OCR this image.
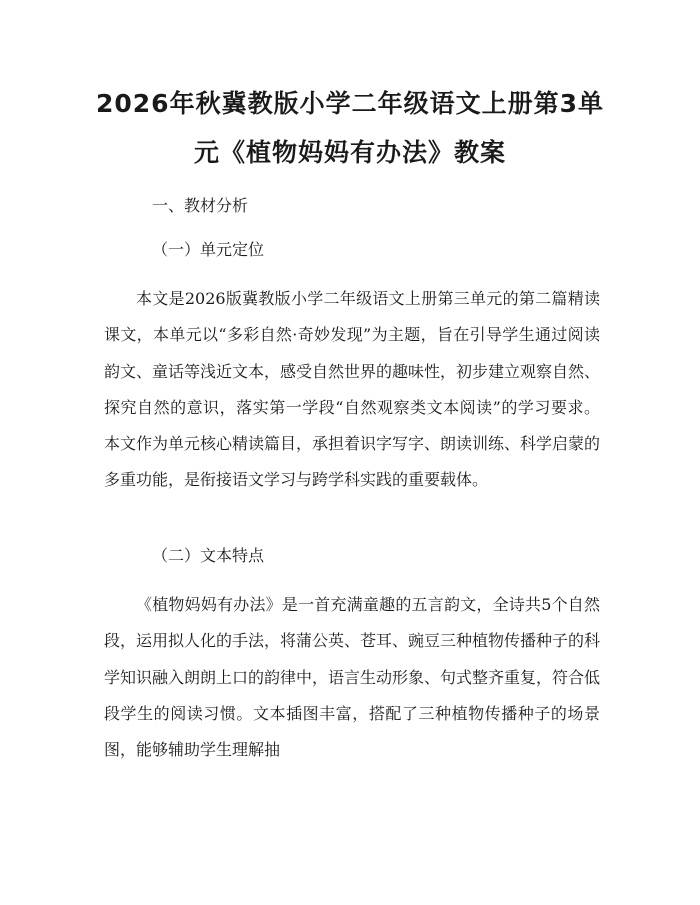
2026年秋冀教版小学二年级语文上册第3单
元《植物妈妈有办法》教案
一、教材分析
（一）单元定位

本文是2026版冀教版小学二年级语文上册第三单元的第二篇精读课文，本单元以“多彩自然·奇妙发现”为主题，旨在引导学生通过阅读韵文、童话等浅近文本，感受自然世界的趣味性，初步建立观察自然、探究自然的意识，落实第一学段“自然观察类文本阅读”的学习要求。本文作为单元核心精读篇目，承担着识字写字、朗读训练、科学启蒙的多重功能，是衔接语文学习与跨学科实践的重要载体。

（二）文本特点

《植物妈妈有办法》是一首充满童趣的五言韵文，全诗共5个自然段，运用拟人化的手法，将蒲公英、苍耳、豌豆三种植物传播种子的科学知识融入朗朗上口的韵律中，语言生动形象、句式整齐重复，符合低段学生的阅读习惯。文本插图丰富，搭配了三种植物传播种子的场景图，能够辅助学生理解抽
